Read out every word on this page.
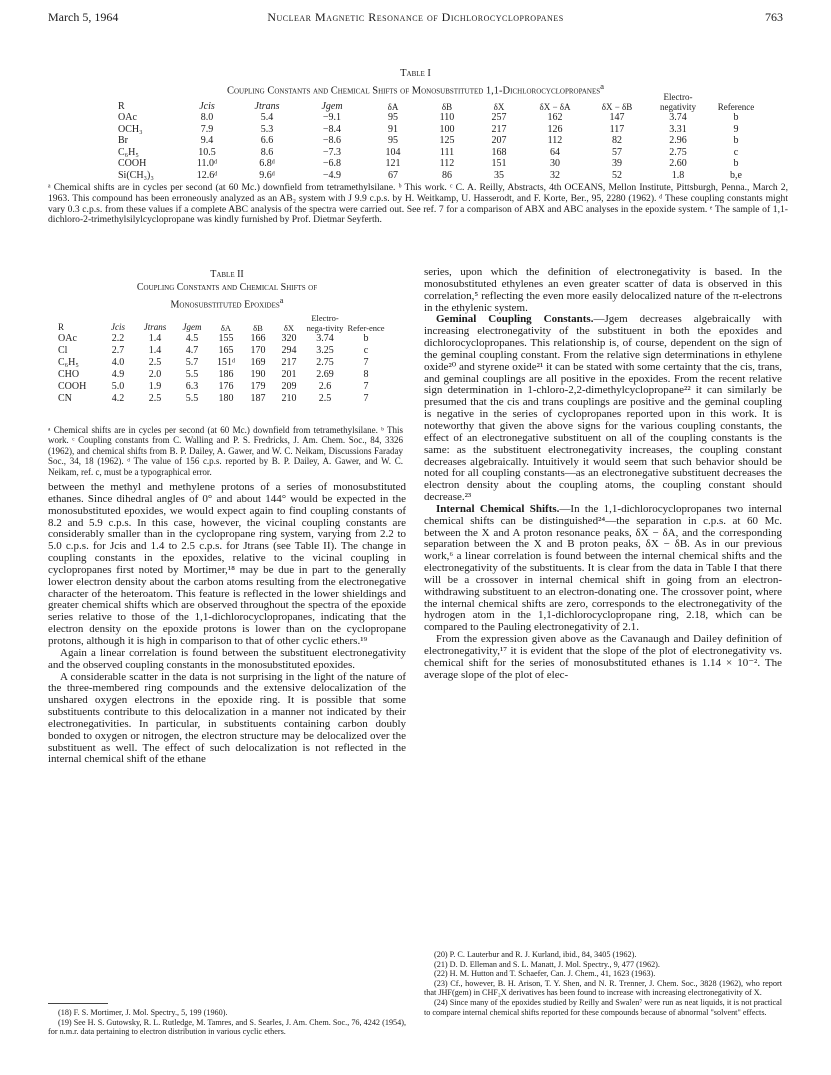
March 5, 1964	Nuclear Magnetic Resonance of Dichlorocyclopropanes	763
Table I
Coupling Constants and Chemical Shifts of Monosubstituted 1,1-Dichlorocyclopropanes$^a$
R	Jcis	Jtrans	Jgem	δA	δB	δX	δX − δA	δX − δB	Electro-negativity	Reference
OAc	8.0	5.4	−9.1	95	110	257	162	147	3.74	b
OCH₃	7.9	5.3	−8.4	91	100	217	126	117	3.31	9
Br	9.4	6.6	−8.6	95	125	207	112	82	2.96	b
C₆H₅	10.5	8.6	−7.3	104	111	168	64	57	2.75	c
COOH	11.0ᵈ	6.8ᵈ	−6.8	121	112	151	30	39	2.60	b
Si(CH₃)₃	12.6ᵈ	9.6ᵈ	−4.9	67	86	35	32	52	1.8	b,e
ᵃ Chemical shifts are in cycles per second (at 60 Mc.) downfield from tetramethylsilane. ᵇ This work. ᶜ C. A. Reilly, Abstracts, 4th OCEANS, Mellon Institute, Pittsburgh, Penna., March 2, 1963. This compound has been erroneously analyzed as an AB₂ system with J 9.9 c.p.s. by H. Weitkamp, U. Hasserodt, and F. Korte, Ber., 95, 2280 (1962). ᵈ These coupling constants might vary 0.3 c.p.s. from these values if a complete ABC analysis of the spectra were carried out. See ref. 7 for a comparison of ABX and ABC analyses in the epoxide system. ᵉ The sample of 1,1-dichloro-2-trimethylsilylcyclopropane was kindly furnished by Prof. Dietmar Seyferth.
Table II
Coupling Constants and Chemical Shifts of
Monosubstituted Epoxides$^a$
R	Jcis	Jtrans	Jgem	δA	δB	δX	Electro-nega-tivity	Refer-ence
OAc	2.2	1.4	4.5	155	166	320	3.74	b
Cl	2.7	1.4	4.7	165	170	294	3.25	c
C₆H₅	4.0	2.5	5.7	151ᵈ	169	217	2.75	7
CHO	4.9	2.0	5.5	186	190	201	2.69	8
COOH	5.0	1.9	6.3	176	179	209	2.6	7
CN	4.2	2.5	5.5	180	187	210	2.5	7
ᵃ Chemical shifts are in cycles per second (at 60 Mc.) downfield from tetramethylsilane. ᵇ This work. ᶜ Coupling constants from C. Walling and P. S. Fredricks, J. Am. Chem. Soc., 84, 3326 (1962), and chemical shifts from B. P. Dailey, A. Gawer, and W. C. Neikam, Discussions Faraday Soc., 34, 18 (1962). ᵈ The value of 156 c.p.s. reported by B. P. Dailey, A. Gawer, and W. C. Neikam, ref. c, must be a typographical error.

between the methyl and methylene protons of a series of monosubstituted ethanes. Since dihedral angles of 0° and about 144° would be expected in the monosubstituted epoxides, we would expect again to find coupling constants of 8.2 and 5.9 c.p.s. In this case, however, the vicinal coupling constants are considerably smaller than in the cyclopropane ring system, varying from 2.2 to 5.0 c.p.s. for Jcis and 1.4 to 2.5 c.p.s. for Jtrans (see Table II). The change in coupling constants in the epoxides, relative to the vicinal coupling in cyclopropanes first noted by Mortimer,¹⁸ may be due in part to the generally lower electron density about the carbon atoms resulting from the electronegative character of the heteroatom. This feature is reflected in the lower shieldings and greater chemical shifts which are observed throughout the spectra of the epoxide series relative to those of the 1,1-dichlorocyclopropanes, indicating that the electron density on the epoxide protons is lower than on the cyclopropane protons, although it is high in comparison to that of other cyclic ethers.¹⁹

Again a linear correlation is found between the substituent electronegativity and the observed coupling constants in the monosubstituted epoxides.

A considerable scatter in the data is not surprising in the light of the nature of the three-membered ring compounds and the extensive delocalization of the unshared oxygen electrons in the epoxide ring. It is possible that some substituents contribute to this delocalization in a manner not indicated by their electronegativities. In particular, in substituents containing carbon doubly bonded to oxygen or nitrogen, the electron structure may be delocalized over the substituent as well. The effect of such delocalization is not reflected in the internal chemical shift of the ethane

series, upon which the definition of electronegativity is based. In the monosubstituted ethylenes an even greater scatter of data is observed in this correlation,⁵ reflecting the even more easily delocalized nature of the π-electrons in the ethylenic system.

Geminal Coupling Constants.—Jgem decreases algebraically with increasing electronegativity of the substituent in both the epoxides and dichlorocyclopropanes. This relationship is, of course, dependent on the sign of the geminal coupling constant. From the relative sign determinations in ethylene oxide²⁰ and styrene oxide²¹ it can be stated with some certainty that the cis, trans, and geminal couplings are all positive in the epoxides. From the recent relative sign determination in 1-chloro-2,2-dimethylcyclopropane²² it can similarly be presumed that the cis and trans couplings are positive and the geminal coupling is negative in the series of cyclopropanes reported upon in this work. It is noteworthy that given the above signs for the various coupling constants, the effect of an electronegative substituent on all of the coupling constants is the same: as the substituent electronegativity increases, the coupling constant decreases algebraically. Intuitively it would seem that such behavior should be noted for all coupling constants—as an electronegative substituent decreases the electron density about the coupling atoms, the coupling constant should decrease.²³

Internal Chemical Shifts.—In the 1,1-dichlorocyclopropanes two internal chemical shifts can be distinguished²⁴—the separation in c.p.s. at 60 Mc. between the X and A proton resonance peaks, δX − δA, and the corresponding separation between the X and B proton peaks, δX − δB. As in our previous work,⁶ a linear correlation is found between the internal chemical shifts and the electronegativity of the substituents. It is clear from the data in Table I that there will be a crossover in internal chemical shift in going from an electron-withdrawing substituent to an electron-donating one. The crossover point, where the internal chemical shifts are zero, corresponds to the electronegativity of the hydrogen atom in the 1,1-dichlorocyclopropane ring, 2.18, which can be compared to the Pauling electronegativity of 2.1.

From the expression given above as the Cavanaugh and Dailey definition of electronegativity,¹⁷ it is evident that the slope of the plot of electronegativity vs. chemical shift for the series of monosubstituted ethanes is 1.14 × 10⁻². The average slope of the plot of elec-

(18) F. S. Mortimer, J. Mol. Spectry., 5, 199 (1960).
(19) See H. S. Gutowsky, R. L. Rutledge, M. Tamres, and S. Searles, J. Am. Chem. Soc., 76, 4242 (1954), for n.m.r. data pertaining to electron distribution in various cyclic ethers.
(20) P. C. Lauterbur and R. J. Kurland, ibid., 84, 3405 (1962).
(21) D. D. Elleman and S. L. Manatt, J. Mol. Spectry., 9, 477 (1962).
(22) H. M. Hutton and T. Schaefer, Can. J. Chem., 41, 1623 (1963).
(23) Cf., however, B. H. Arison, T. Y. Shen, and N. R. Trenner, J. Chem. Soc., 3828 (1962), who report that JHF(gem) in CHF₂X derivatives has been found to increase with increasing electronegativity of X.
(24) Since many of the epoxides studied by Reilly and Swalen⁷ were run as neat liquids, it is not practical to compare internal chemical shifts reported for these compounds because of abnormal "solvent" effects.
